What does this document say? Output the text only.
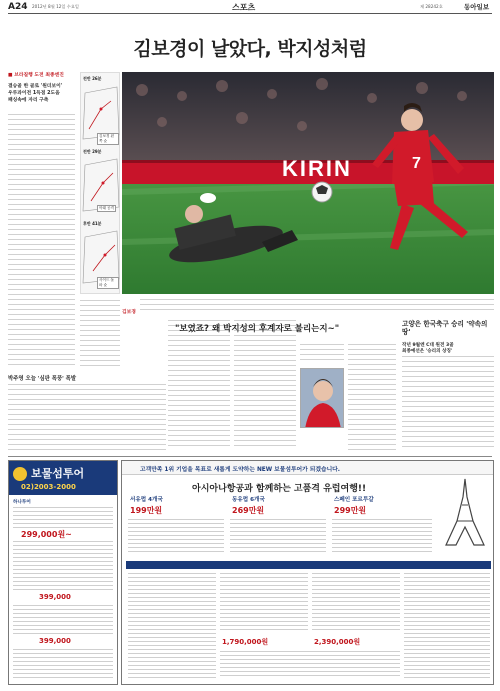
A24 2012년 8월 12일 수요일	스포츠	제 28242호	동아일보
김보경이 날았다, 박지성처럼
■ 브라질행 도전 최종엔진
결승골 한 골로 '원더보이'
우루과이전 1득점 2도움
패싱속에 자리 구축
전반 26분
전반 29분
후반 41분
김보경 왼쪽 슛
아래 공격
사이드 돌파 슛
7
KIRIN
김보경
"보였죠? 왜 박지성의 후계자로 불리는지~"	고양은 한국축구 승리 '약속의 땅'
작년 9월엔 C대 원전 3골
최종예선은 '승리의 상징'
박주영 오늘 '심판 폭풍' 폭발
보물섬투어
02)2003-2000
하나투어
299,000원~
399,000
399,000
고객만족 1위 기업을 목표로 새롭게 도약하는 NEW 보물섬투어가 되겠습니다.
아시아나항공과 함께하는 고품격 유럽여행!!
서유럽 4개국
199만원
동유럽 6개국
269만원
스페인 포르투갈
299만원
1,790,000원	2,390,000원
